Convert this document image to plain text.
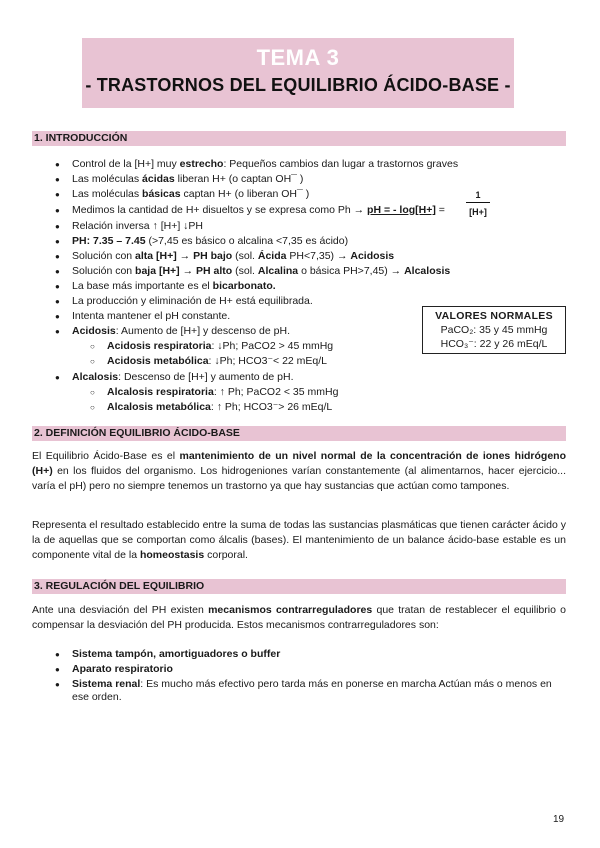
TEMA 3
- TRASTORNOS DEL EQUILIBRIO ÁCIDO-BASE -
1. INTRODUCCIÓN
● Control de la [H+] muy estrecho: Pequeños cambios dan lugar a trastornos graves
● Las moléculas ácidas liberan H+ (o captan OH¯ )
● Las moléculas básicas captan H+ (o liberan OH¯ )
● Medimos la cantidad de H+ disueltos y se expresa como Ph → pH = - log[H+] =
● Relación inversa ↑ [H+] ↓PH
● PH: 7.35 – 7.45 (>7,45 es básico o alcalina <7,35 es ácido)
● Solución con alta [H+] → PH bajo (sol. Ácida PH<7,35) → Acidosis
● Solución con baja [H+] → PH alto (sol. Alcalina o básica PH>7,45) → Alcalosis
● La base más importante es el bicarbonato.
● La producción y eliminación de H+ está equilibrada.
● Intenta mantener el pH constante.
● Acidosis: Aumento de [H+] y descenso de pH.
○ Acidosis respiratoria: ↓Ph; PaCO2 > 45 mmHg
○ Acidosis metabólica: ↓Ph; HCO3⁻< 22 mEq/L
● Alcalosis: Descenso de [H+] y aumento de pH.
○ Alcalosis respiratoria: ↑ Ph; PaCO2 < 35 mmHg
○ Alcalosis metabólica: ↑ Ph; HCO3⁻> 26 mEq/L
$\frac{1}{[H+]}$
VALORES NORMALES
PaCO₂: 35 y 45 mmHg
HCO₃⁻: 22 y 26 mEq/L
2. DEFINICIÓN EQUILIBRIO ÁCIDO-BASE
El Equilibrio Ácido-Base es el mantenimiento de un nivel normal de la concentración de iones hidrógeno (H+) en los fluidos del organismo. Los hidrogeniones varían constantemente (al alimentarnos, hacer ejercicio... varía el pH) pero no siempre tenemos un trastorno ya que hay sustancias que actúan como tampones.
Representa el resultado establecido entre la suma de todas las sustancias plasmáticas que tienen carácter ácido y la de aquellas que se comportan como álcalis (bases). El mantenimiento de un balance ácido-base estable es un componente vital de la homeostasis corporal.
3. REGULACIÓN DEL EQUILIBRIO
Ante una desviación del PH existen mecanismos contrarreguladores que tratan de restablecer el equilibrio o compensar la desviación del PH producida. Estos mecanismos contrarreguladores son:
● Sistema tampón, amortiguadores o buffer
● Aparato respiratorio
● Sistema renal: Es mucho más efectivo pero tarda más en ponerse en marcha Actúan más o menos en ese orden.
19
